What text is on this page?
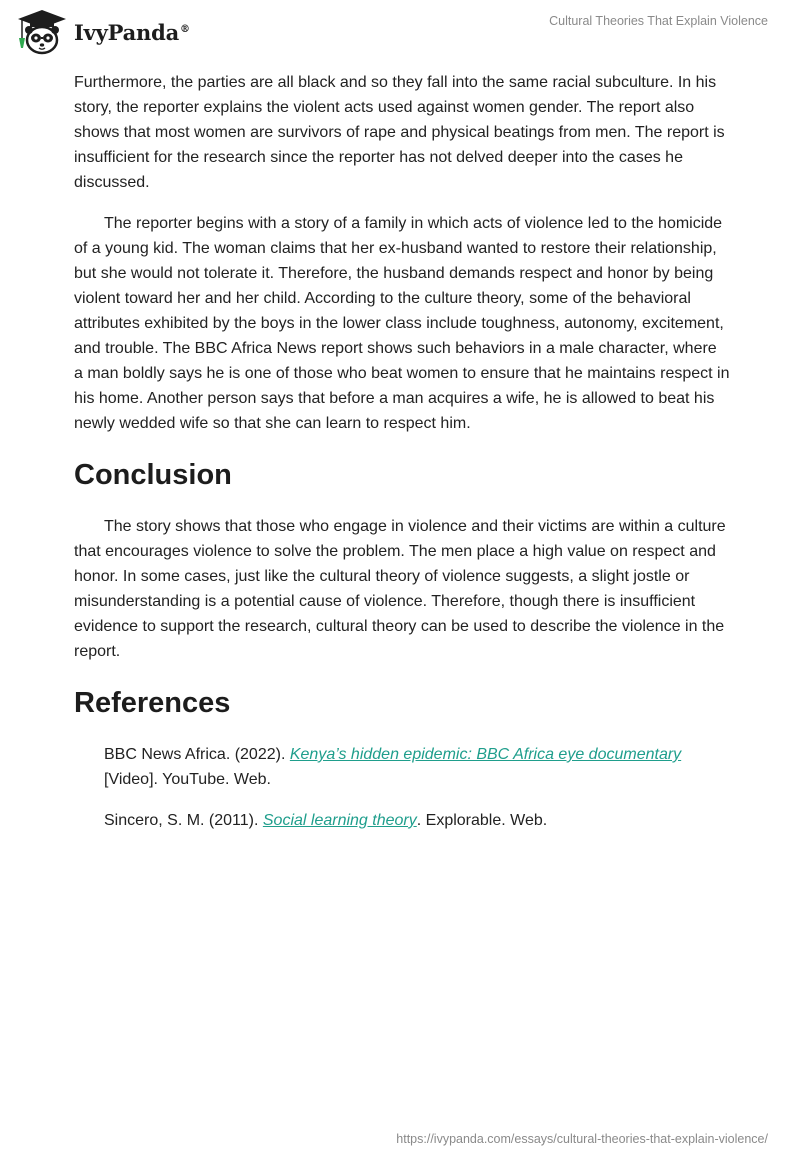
IvyPanda®
Cultural Theories That Explain Violence

Furthermore, the parties are all black and so they fall into the same racial subculture. In his story, the reporter explains the violent acts used against women gender. The report also shows that most women are survivors of rape and physical beatings from men. The report is insufficient for the research since the reporter has not delved deeper into the cases he discussed.

The reporter begins with a story of a family in which acts of violence led to the homicide of a young kid. The woman claims that her ex-husband wanted to restore their relationship, but she would not tolerate it. Therefore, the husband demands respect and honor by being violent toward her and her child. According to the culture theory, some of the behavioral attributes exhibited by the boys in the lower class include toughness, autonomy, excitement, and trouble. The BBC Africa News report shows such behaviors in a male character, where a man boldly says he is one of those who beat women to ensure that he maintains respect in his home. Another person says that before a man acquires a wife, he is allowed to beat his newly wedded wife so that she can learn to respect him.

Conclusion

The story shows that those who engage in violence and their victims are within a culture that encourages violence to solve the problem. The men place a high value on respect and honor. In some cases, just like the cultural theory of violence suggests, a slight jostle or misunderstanding is a potential cause of violence. Therefore, though there is insufficient evidence to support the research, cultural theory can be used to describe the violence in the report.

References

BBC News Africa. (2022). Kenya’s hidden epidemic: BBC Africa eye documentary [Video]. YouTube. Web.

Sincero, S. M. (2011). Social learning theory. Explorable. Web.

https://ivypanda.com/essays/cultural-theories-that-explain-violence/
